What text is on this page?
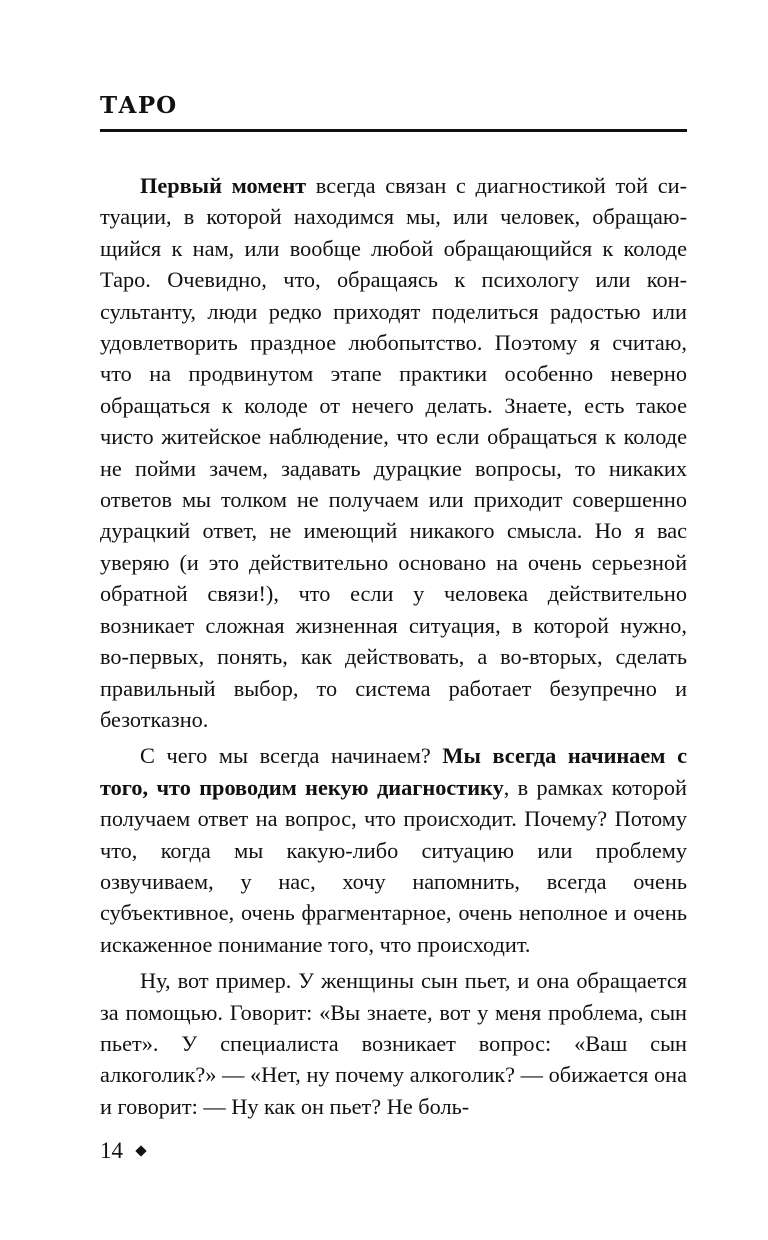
ТАРО

Первый момент всегда связан с диагностикой той ситуации, в которой находимся мы, или человек, обращающийся к нам, или вообще любой обращающийся к колоде Таро. Очевидно, что, обращаясь к психологу или консультанту, люди редко приходят поделиться радостью или удовлетворить праздное любопытство. Поэтому я считаю, что на продвинутом этапе практики особенно неверно обращаться к колоде от нечего делать. Знаете, есть такое чисто житейское наблюдение, что если обращаться к колоде не пойми зачем, задавать дурацкие вопросы, то никаких ответов мы толком не получаем или приходит совершенно дурацкий ответ, не имеющий никакого смысла. Но я вас уверяю (и это действительно основано на очень серьезной обратной связи!), что если у человека действительно возникает сложная жизненная ситуация, в которой нужно, во-первых, понять, как действовать, а во-вторых, сделать правильный выбор, то система работает безупречно и безотказно.

С чего мы всегда начинаем? Мы всегда начинаем с того, что проводим некую диагностику, в рамках которой получаем ответ на вопрос, что происходит. Почему? Потому что, когда мы какую-либо ситуацию или проблему озвучиваем, у нас, хочу напомнить, всегда очень субъективное, очень фрагментарное, очень неполное и очень искаженное понимание того, что происходит.

Ну, вот пример. У женщины сын пьет, и она обращается за помощью. Говорит: «Вы знаете, вот у меня проблема, сын пьет». У специалиста возникает вопрос: «Ваш сын алкоголик?» — «Нет, ну почему алкоголик? — обижается она и говорит: — Ну как он пьет? Не боль-

14
